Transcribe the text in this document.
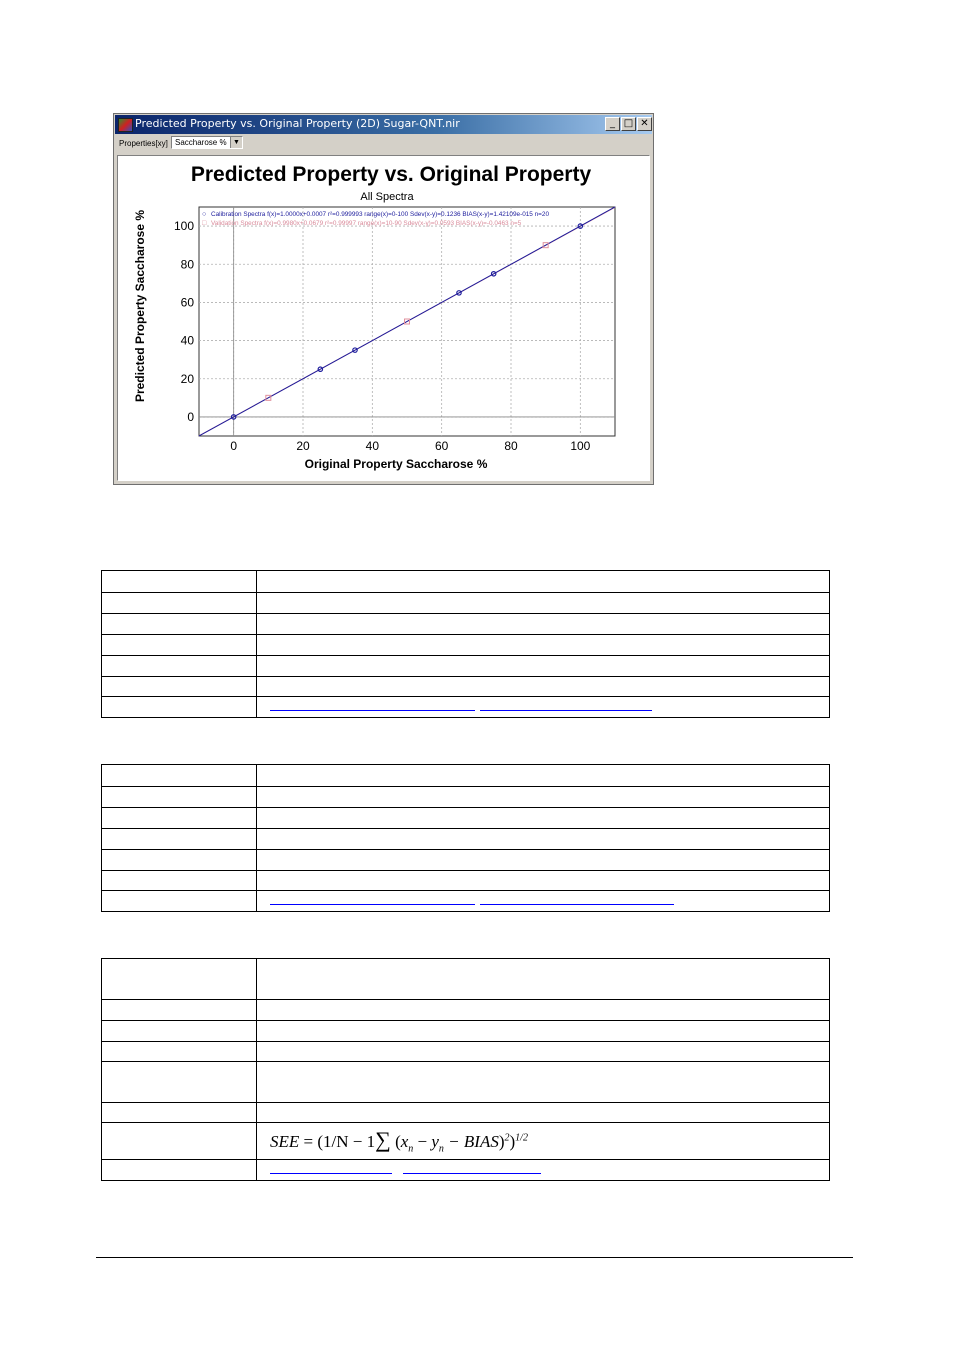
Predicted Property vs. Original Property (2D) Sugar-QNT.nir	_ □ ✕
Properties[xy] Saccharose % ▼
Predicted Property vs. Original Property
All Spectra
Predicted Property Saccharose %
Original Property Saccharose %
0	20	40	60	80	100
0
20
40
60
80
100
Calibration Spectra f(x)=1.0000x+0.0007 r²=0.999993 range(x)=0-100 Sdev(x-y)=0.1236 BIAS(x-y)=1.42109e-015 n=20
○
Validation Spectra f(x)=0.9980x+0.0679 r²=0.99997 range(x)=10-90 Sdev(x-y)=0.0593 BIAS(x-y)=-0.0463 n=5
□

	SEE = (1/N − 1∑ ($x_n - y_n$ − BIAS)$^2$)$^{1/2}$
